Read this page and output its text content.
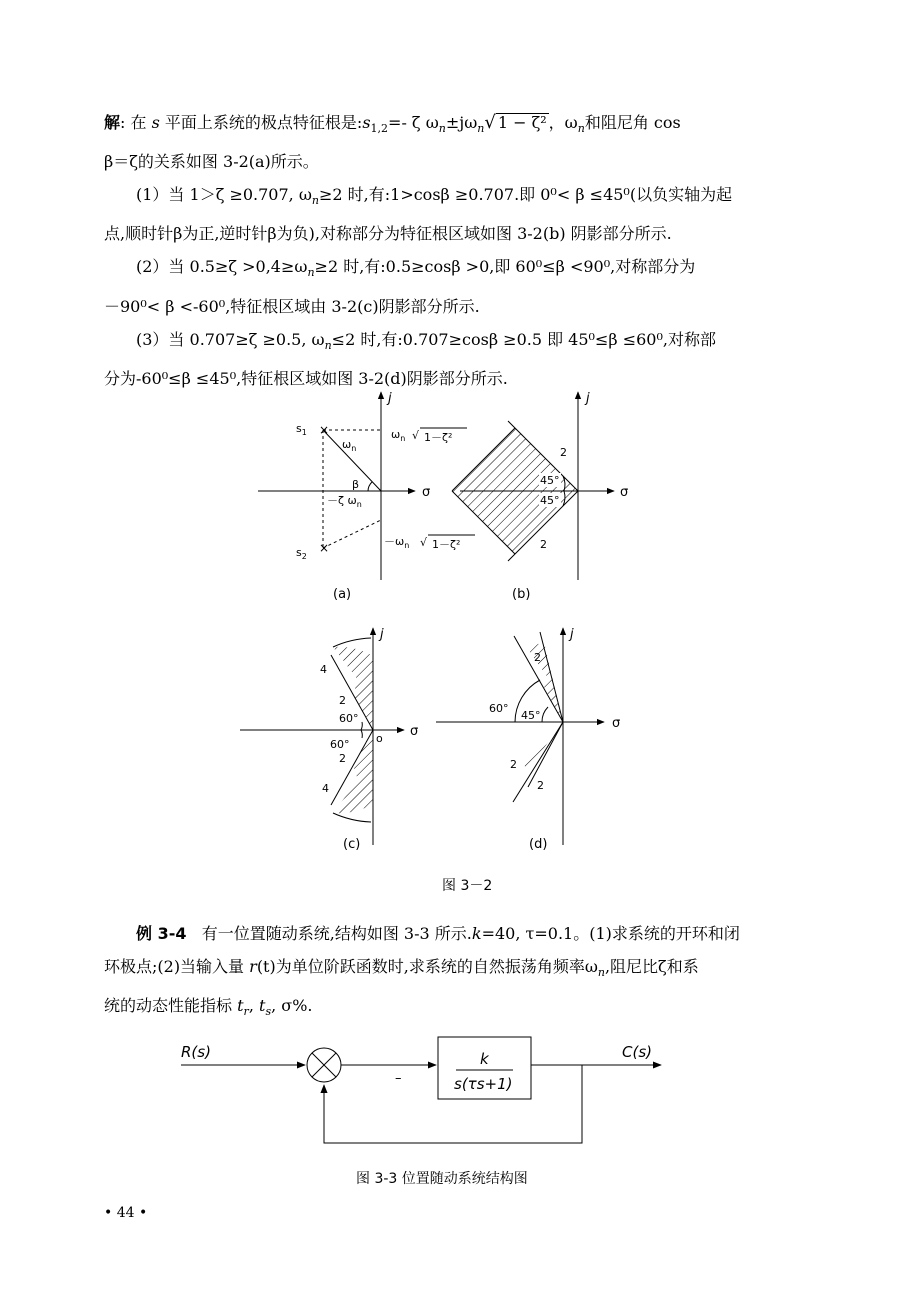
解: 在 s 平面上系统的极点特征根是$:s_{1,2}=-$ ζ $\omega_n\pm j\omega_n√$ 1 − ζ² ，$\omega_n$和阻尼角 cos

β＝ζ的关系如图 3-2(a)所示。

(1）当 1＞ζ ≥0.707, $\omega_n\ge 2$ 时,有:1>cosβ ≥0.707.即 0⁰< β ≤45⁰(以负实轴为起

点,顺时针β为正,逆时针β为负),对称部分为特征根区域如图 3-2(b) 阴影部分所示.

(2）当 $0.5\ge\zeta >0,4\ge\omega_n\ge 2$ 时,有:0.5≥cosβ >0,即 60⁰≤β <90⁰,对称部分为

－90⁰< β <-60⁰,特征根区域由 3-2(c)阴影部分所示.

(3）当 0.707≥ζ ≥0.5, $\omega_n\le 2$ 时,有:0.707≥cosβ ≥0.5 即 45⁰≤β ≤60⁰,对称部

分为-60⁰≤β ≤45⁰,特征根区域如图 3-2(d)阴影部分所示.

×
×
$s_1$
$s_2$
$\omega_n$
β
－ζ $\omega_n$
$\omega_n$ √ 1－ζ²
$-\omega_n$ √ 1－ζ²
j
σ
(a)
45°
45°
2
2
j
σ
(b)
4
4
2
2
60°
60° o
j
σ
(c)
60°
45°
2
2
2
j
σ
(d)
图 3－2

例 3-4 有一位置随动系统,结构如图 3-3 所示.k=40, τ=0.1。(1)求系统的开环和闭

环极点;(2)当输入量 r(t)为单位阶跃函数时,求系统的自然振荡角频率$\omega_n$,阻尼比ζ和系

统的动态性能指标 $t_r$, $t_s$, σ%.

R(s)	C(s)
–
k
s(τs+1)
图 3-3 位置随动系统结构图
• 44 •
